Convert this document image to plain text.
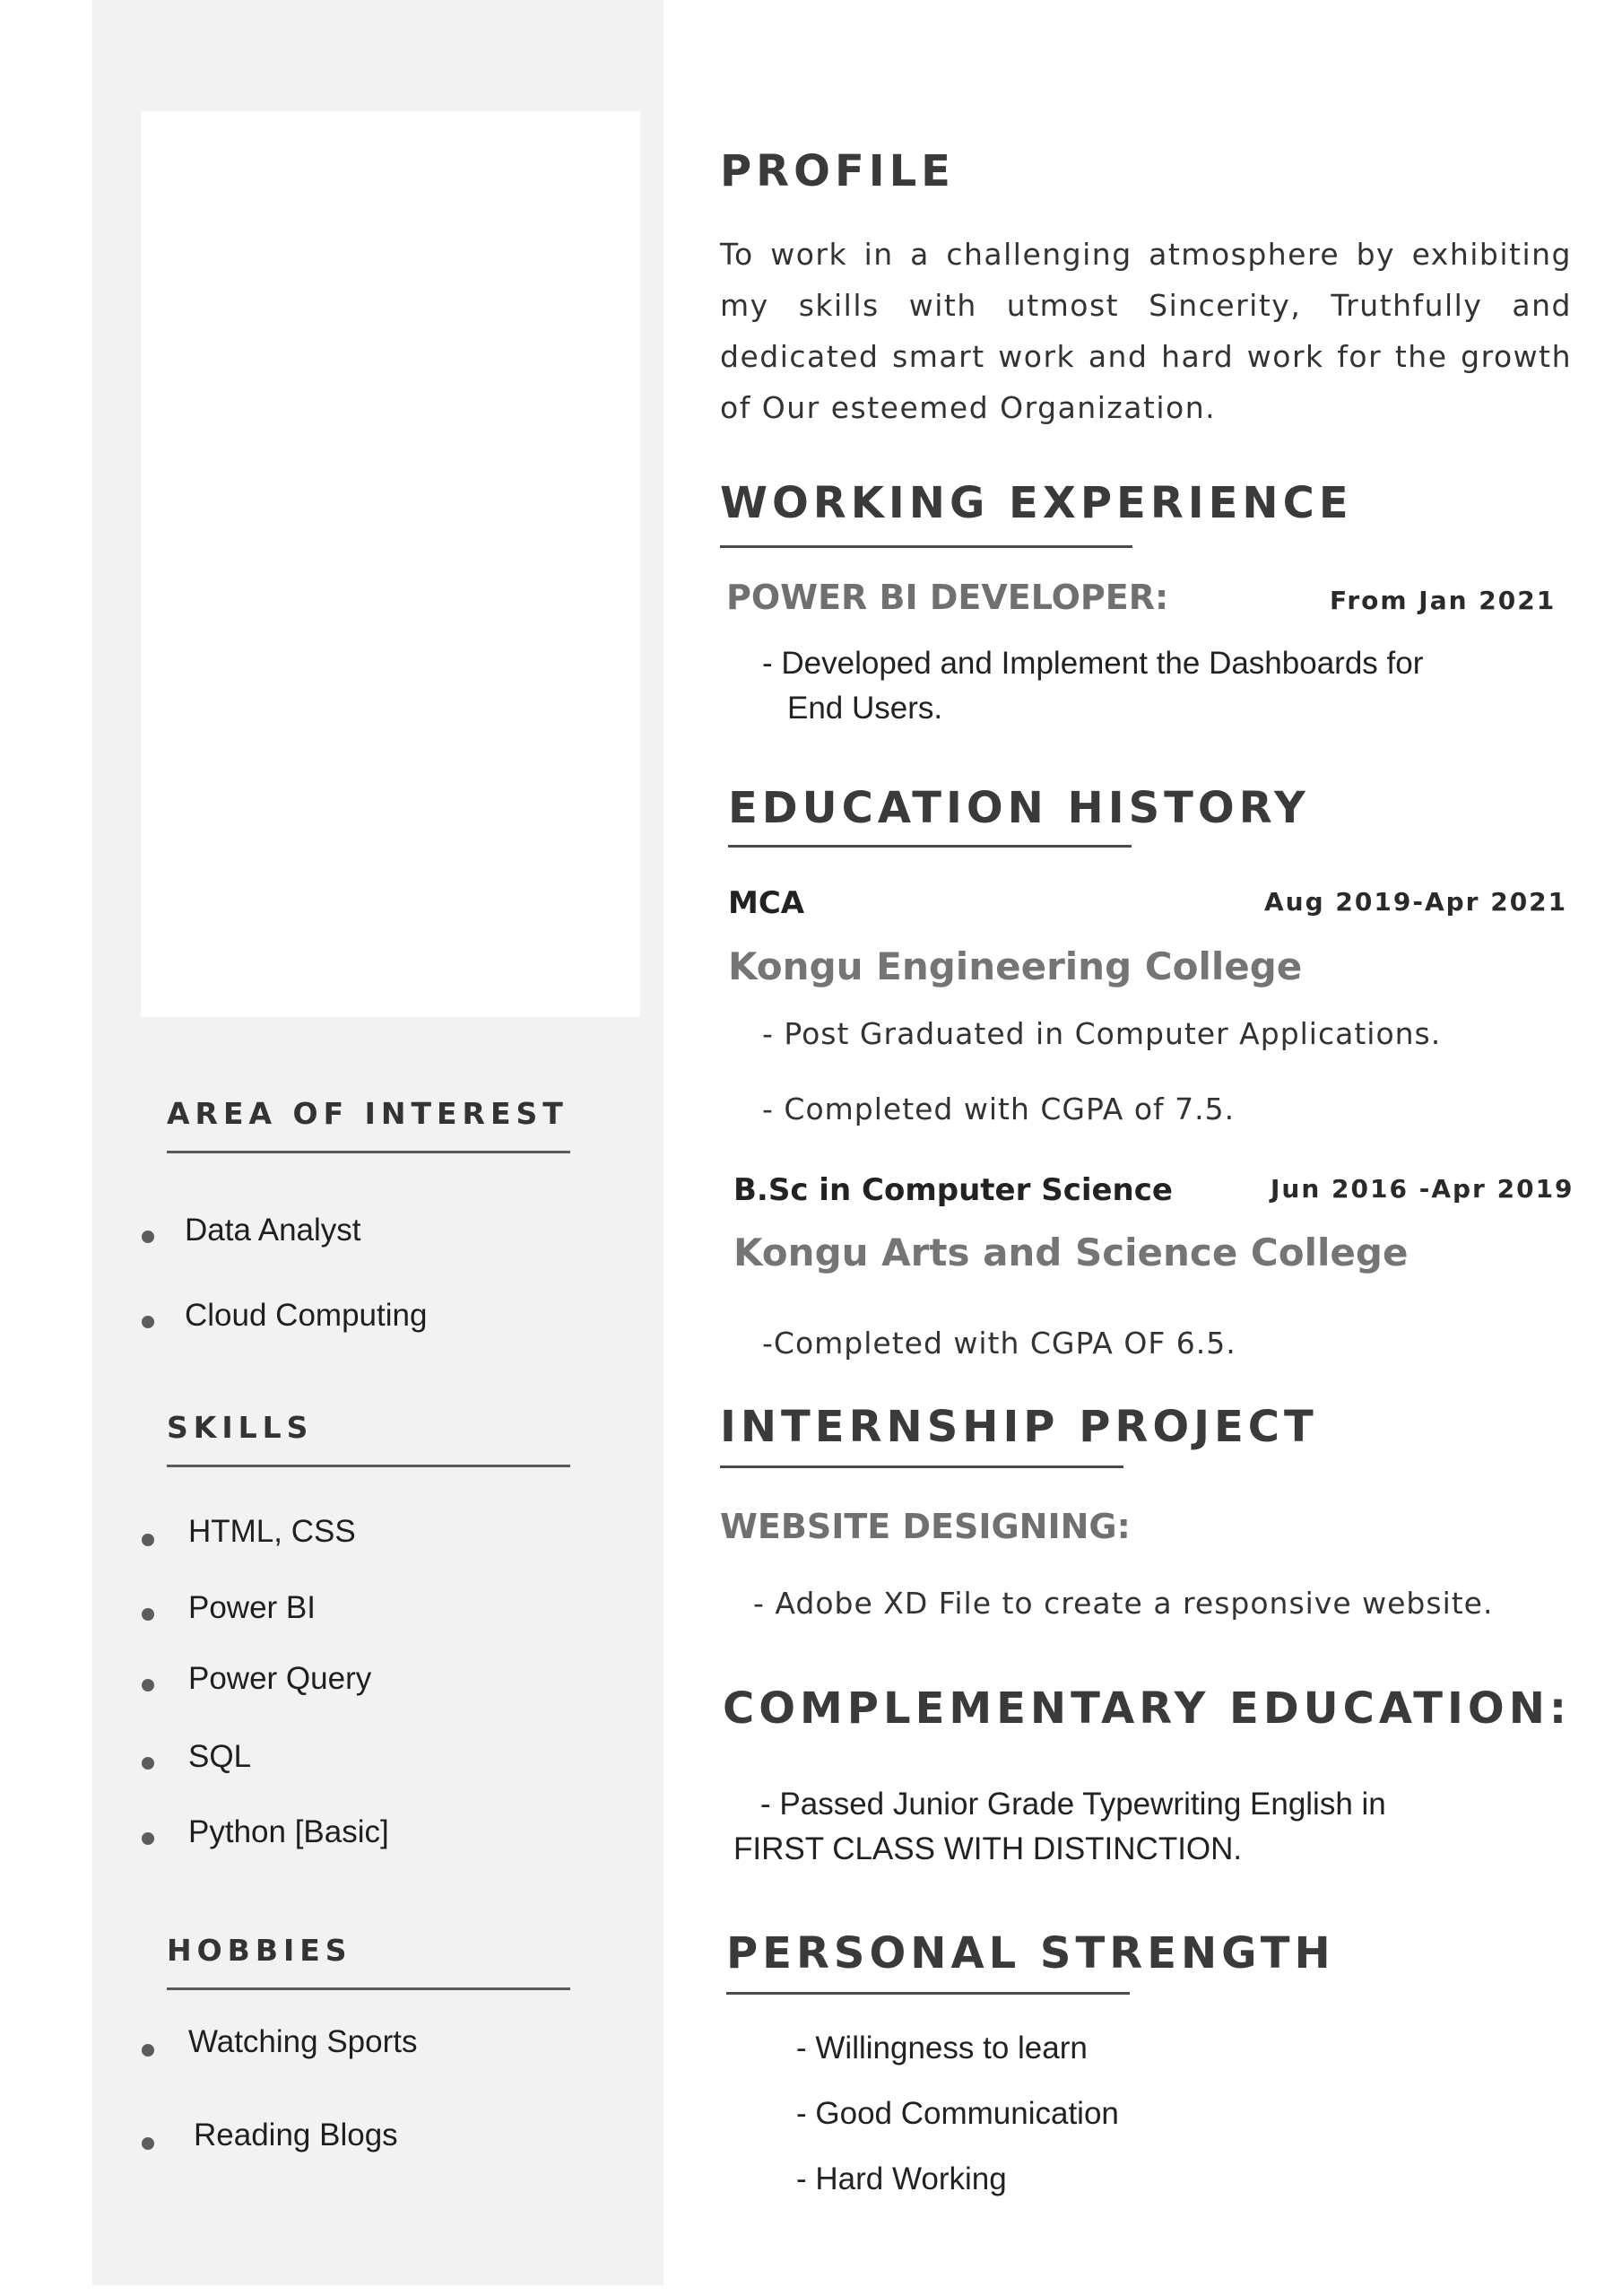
AREA OF INTEREST
Data Analyst
Cloud Computing
SKILLS
HTML, CSS
Power BI
Power Query
SQL
Python [Basic]
HOBBIES
Watching Sports
Reading Blogs
PROFILE

To work in a challenging atmosphere by exhibiting my skills with utmost Sincerity, Truthfully and dedicated smart work and hard work for the growth of Our esteemed Organization.

WORKING EXPERIENCE
POWER BI DEVELOPER:	From Jan 2021
- Developed and Implement the Dashboards for
End Users.
EDUCATION HISTORY
MCA	Aug 2019-Apr 2021
Kongu Engineering College
- Post Graduated in Computer Applications.
- Completed with CGPA of 7.5.
B.Sc in Computer Science	Jun 2016 -Apr 2019
Kongu Arts and Science College
-Completed with CGPA OF 6.5.
INTERNSHIP PROJECT
WEBSITE DESIGNING:
- Adobe XD File to create a responsive website.
COMPLEMENTARY EDUCATION:
- Passed Junior Grade Typewriting English in
FIRST CLASS WITH DISTINCTION.
PERSONAL STRENGTH
- Willingness to learn
- Good Communication
- Hard Working
